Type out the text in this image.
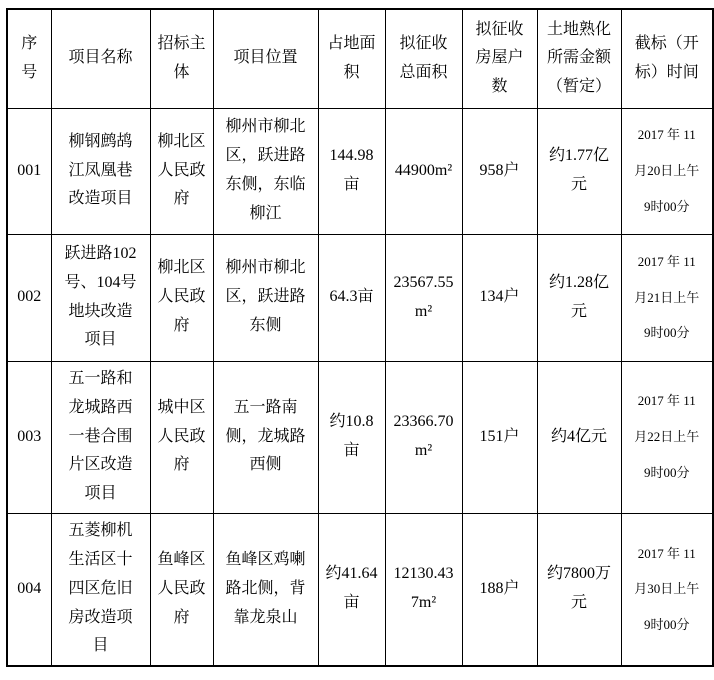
序号	项目名称	招标主体	项目位置	占地面积	拟征收总面积	拟征收房屋户数	土地熟化所需金额（暂定）	截标（开标）时间
001	柳钢鹧鸪江凤凰巷改造项目	柳北区人民政府	柳州市柳北区，跃进路东侧，东临柳江	144.98亩	44900m²	958户	约1.77亿元	2017 年 11
月20日上午
9时00分

002	跃进路102号、104号地块改造项目	柳北区人民政府	柳州市柳北区，跃进路东侧	64.3亩	23567.55m²	134户	约1.28亿元	2017 年 11
月21日上午
9时00分

003	五一路和龙城路西一巷合围片区改造项目	城中区人民政府	五一路南侧，龙城路西侧	约10.8亩	23366.70m²	151户	约4亿元	2017 年 11
月22日上午
9时00分

004	五菱柳机生活区十四区危旧房改造项目	鱼峰区人民政府	鱼峰区鸡喇路北侧，背靠龙泉山	约41.64亩	12130.437m²	188户	约7800万元	2017 年 11
月30日上午
9时00分
